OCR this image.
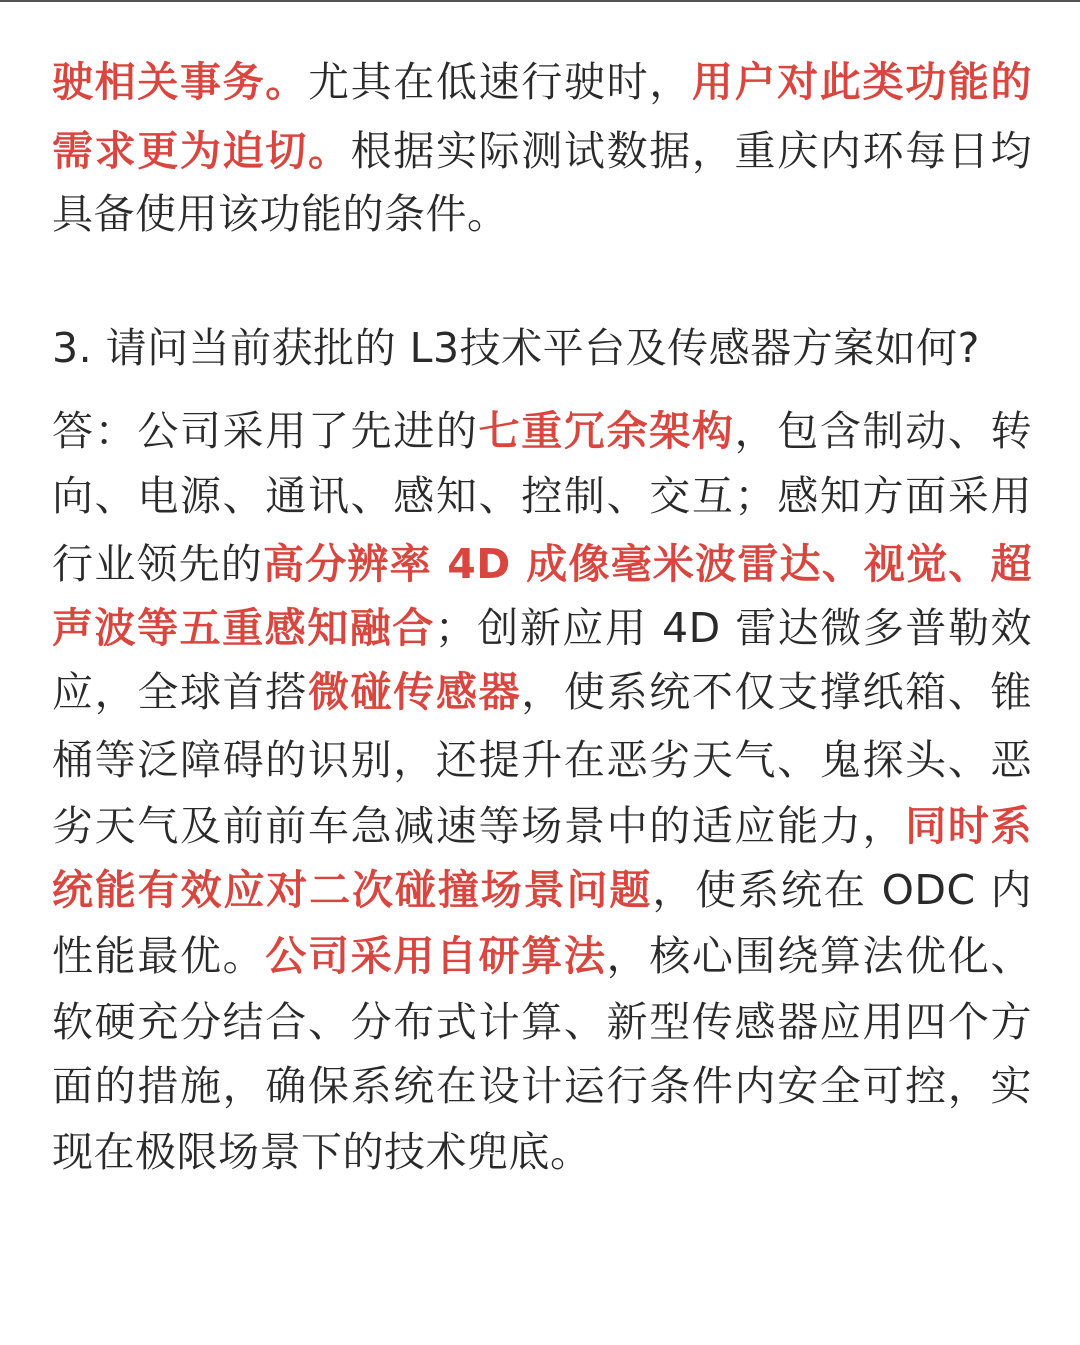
驶相关事务。尤其在低速行驶时，用户对此类功能的
需求更为迫切。根据实际测试数据，重庆内环每日均
具备使用该功能的条件。
3. 请问当前获批的 L3技术平台及传感器方案如何?
答：公司采用了先进的七重冗余架构，包含制动、转
向、电源、通讯、感知、控制、交互；感知方面采用
行业领先的高分辨率 4D 成像毫米波雷达、视觉、超
声波等五重感知融合；创新应用 4D 雷达微多普勒效
应，全球首搭微碰传感器，使系统不仅支撑纸箱、锥
桶等泛障碍的识别，还提升在恶劣天气、鬼探头、恶
劣天气及前前车急减速等场景中的适应能力，同时系
统能有效应对二次碰撞场景问题，使系统在 ODC 内
性能最优。公司采用自研算法，核心围绕算法优化、
软硬充分结合、分布式计算、新型传感器应用四个方
面的措施，确保系统在设计运行条件内安全可控，实
现在极限场景下的技术兜底。
